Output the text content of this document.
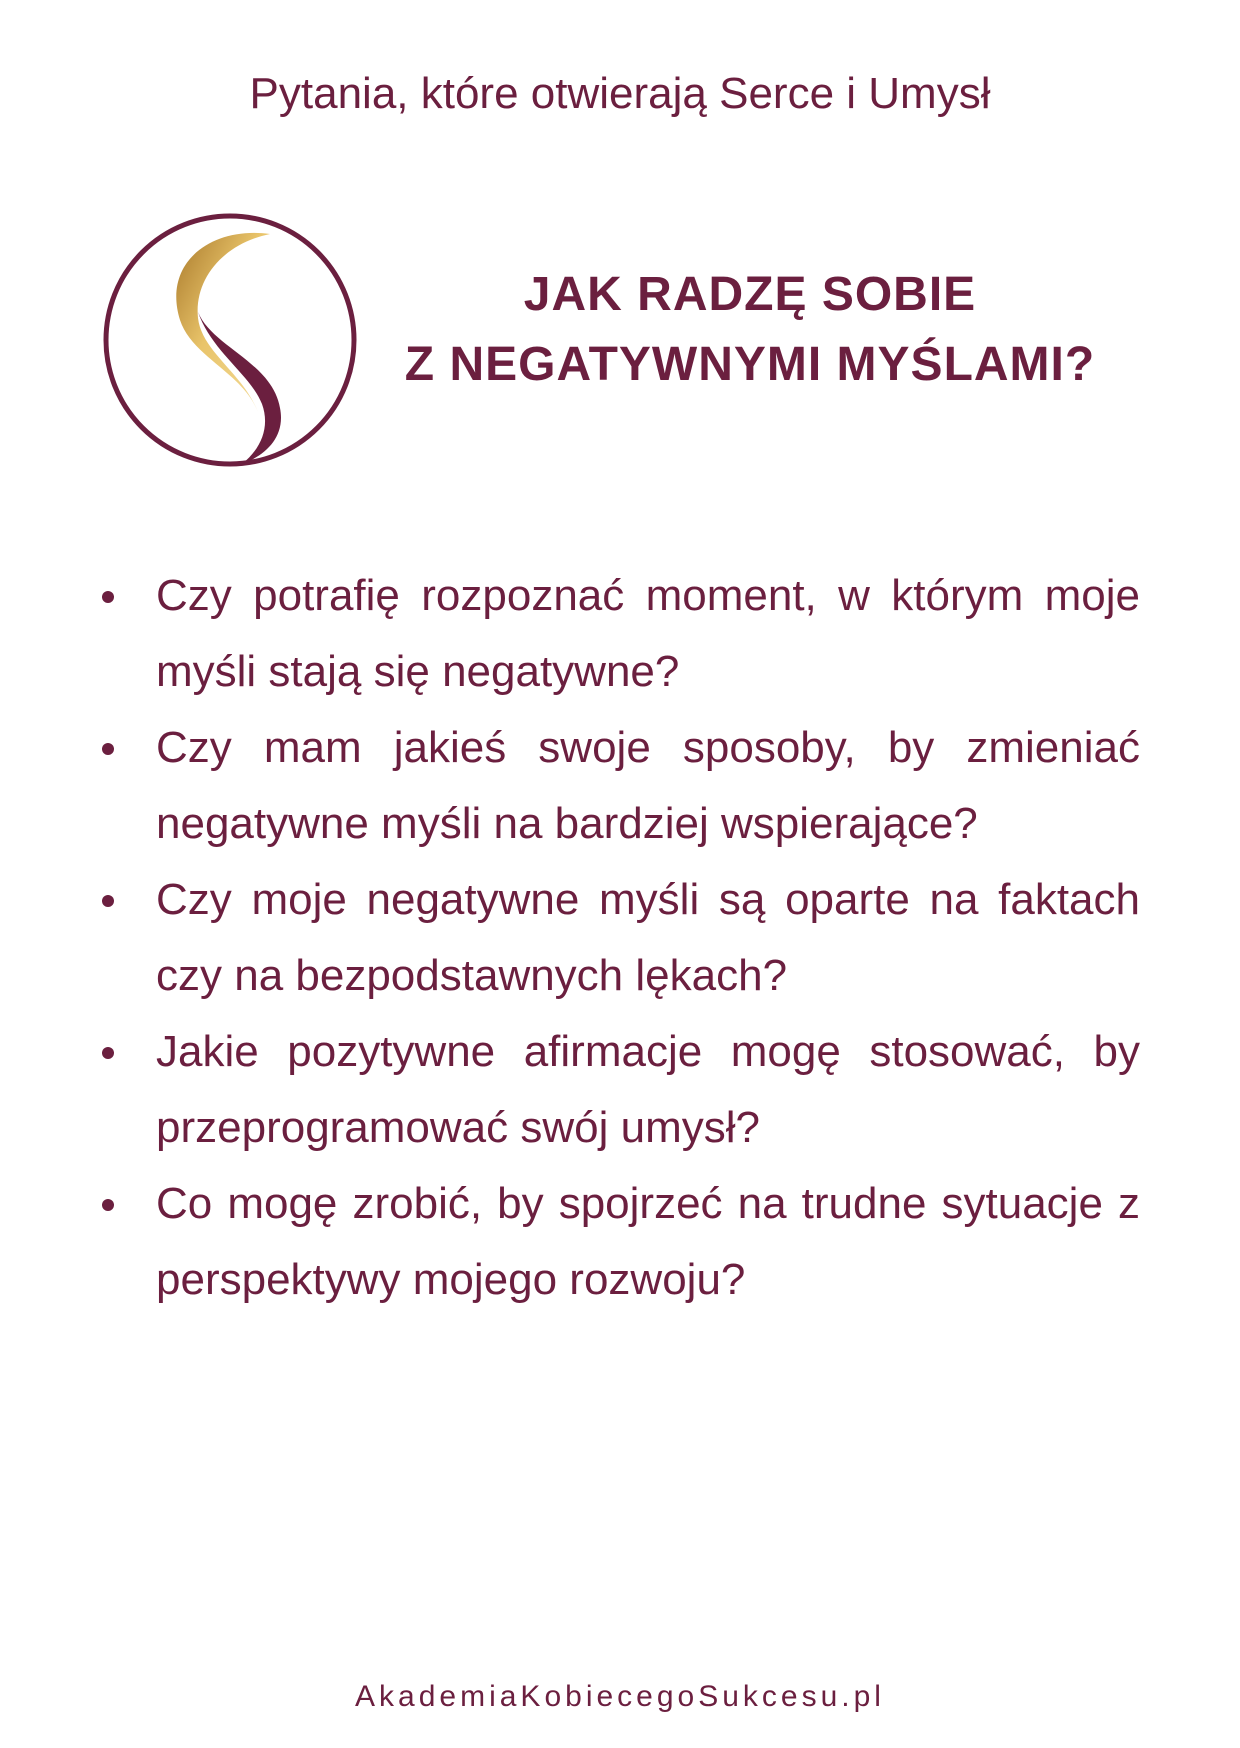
Pytania, które otwierają Serce i Umysł
JAK RADZĘ SOBIE
Z NEGATYWNYMI MYŚLAMI?
Czy potrafię rozpoznać moment, w którym moje myśli stają się negatywne?
Czy mam jakieś swoje sposoby, by zmieniać negatywne myśli na bardziej wspierające?
Czy moje negatywne myśli są oparte na faktach czy na bezpodstawnych lękach?
Jakie pozytywne afirmacje mogę stosować, by przeprogramować swój umysł?
Co mogę zrobić, by spojrzeć na trudne sytuacje z perspektywy mojego rozwoju?
AkademiaKobiecegoSukcesu.pl
